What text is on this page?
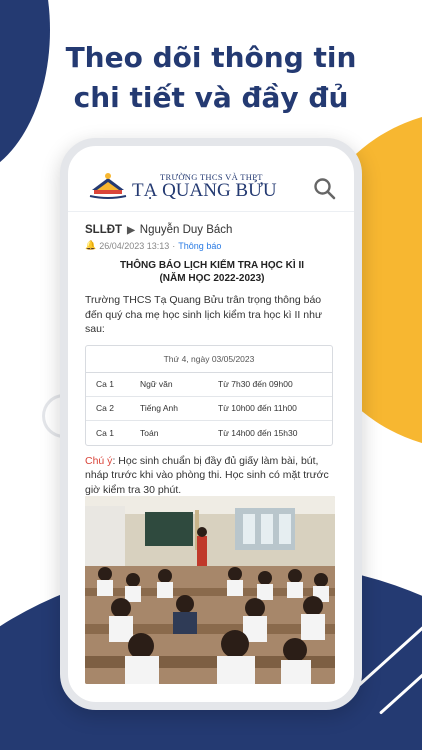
Theo dõi thông tin
chi tiết và đầy đủ
TRƯỜNG THCS VÀ THPT
TẠ QUANG BỬU
SLLĐT ▶ Nguyễn Duy Bách
🔔 26/04/2023 13:13 · Thông báo
THÔNG BÁO LỊCH KIỂM TRA HỌC KÌ II
(NĂM HỌC 2022-2023)
Trường THCS Tạ Quang Bửu trân trọng thông báo đến quý cha mẹ học sinh lịch kiểm tra học kì II như sau:
Thứ 4, ngày 03/05/2023
Ca 1	Ngữ văn	Từ 7h30 đến 09h00
Ca 2	Tiếng Anh	Từ 10h00 đến 11h00
Ca 1	Toán	Từ 14h00 đến 15h30
Chú ý: Học sinh chuẩn bị đầy đủ giấy làm bài, bút, nháp trước khi vào phòng thi. Học sinh có mặt trước giờ kiểm tra 30 phút.
